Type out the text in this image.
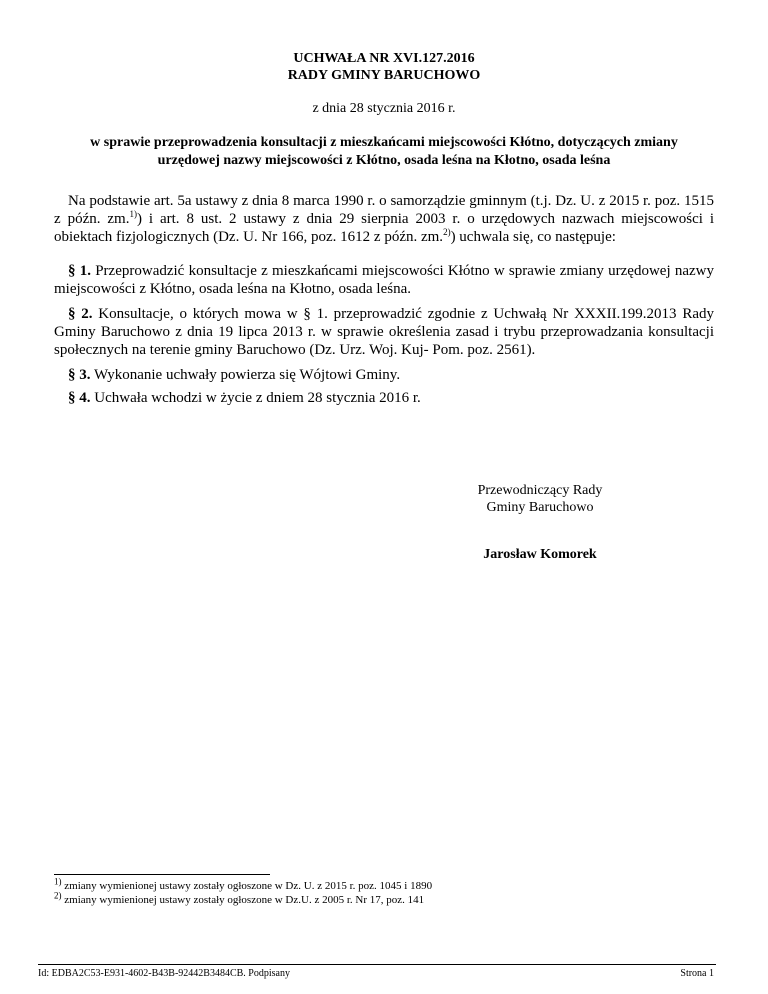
UCHWAŁA NR XVI.127.2016
RADY GMINY BARUCHOWO
z dnia 28 stycznia 2016 r.
w sprawie przeprowadzenia konsultacji z mieszkańcami miejscowości Kłótno, dotyczących zmiany
urzędowej nazwy miejscowości z Kłótno, osada leśna na Kłotno, osada leśna
Na podstawie art. 5a ustawy z dnia 8 marca 1990 r. o samorządzie gminnym (t.j. Dz. U. z 2015 r. poz. 1515 z późn. zm.$^{1)}$) i art. 8 ust. 2 ustawy z dnia 29 sierpnia 2003 r. o urzędowych nazwach miejscowości i obiektach fizjologicznych (Dz. U. Nr 166, poz. 1612 z późn. zm.$^{2)}$) uchwala się, co następuje:
§ 1. Przeprowadzić konsultacje z mieszkańcami miejscowości Kłótno w sprawie zmiany urzędowej nazwy miejscowości z Kłótno, osada leśna na Kłotno, osada leśna.
§ 2. Konsultacje, o których mowa w § 1. przeprowadzić zgodnie z Uchwałą Nr XXXII.199.2013 Rady Gminy Baruchowo z dnia 19 lipca 2013 r. w sprawie określenia zasad i trybu przeprowadzania konsultacji społecznych na terenie gminy Baruchowo (Dz. Urz. Woj. Kuj- Pom. poz. 2561).
§ 3. Wykonanie uchwały powierza się Wójtowi Gminy.
§ 4. Uchwała wchodzi w życie z dniem 28 stycznia 2016 r.
Przewodniczący Rady
Gminy Baruchowo
Jarosław Komorek
$^{1)}$ zmiany wymienionej ustawy zostały ogłoszone w Dz. U. z 2015 r. poz. 1045 i 1890
$^{2)}$ zmiany wymienionej ustawy zostały ogłoszone w Dz.U. z 2005 r. Nr 17, poz. 141
Id: EDBA2C53-E931-4602-B43B-92442B3484CB. Podpisany	Strona 1
